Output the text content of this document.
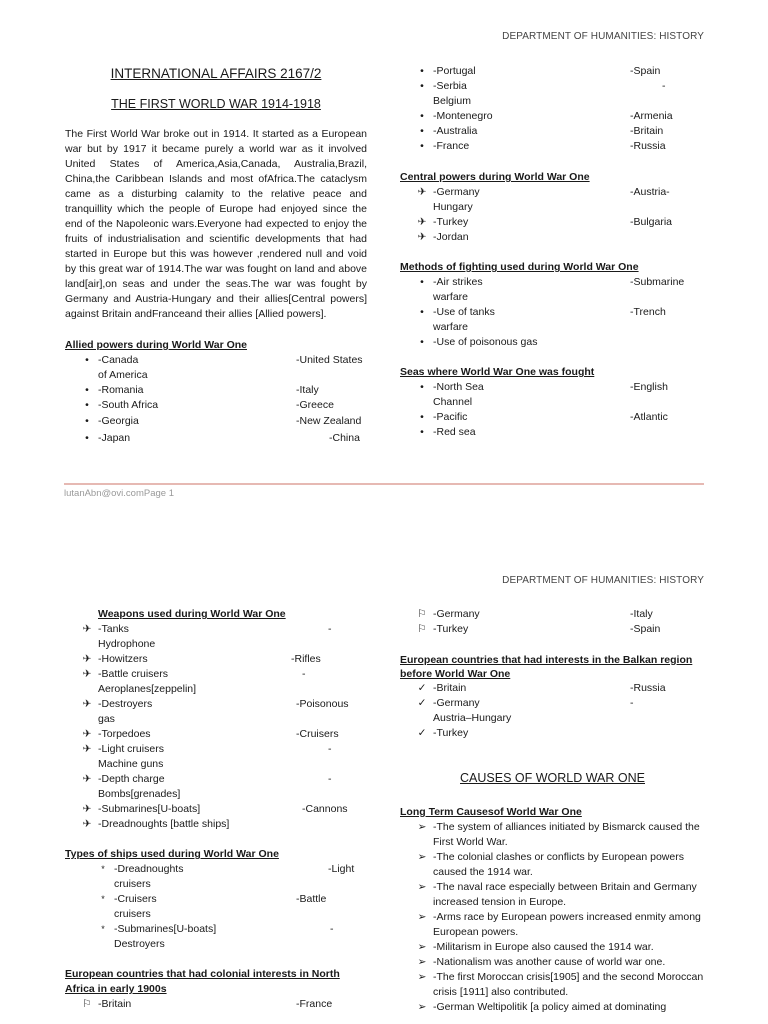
DEPARTMENT OF HUMANITIES: HISTORY
INTERNATIONAL AFFAIRS 2167/2
THE FIRST WORLD WAR 1914-1918
The First World War broke out in 1914. It started as a European war but by 1917 it became purely a world war as it involved United States of America,Asia,Canada, Australia,Brazil, China,the Caribbean Islands and most ofAfrica.The cataclysm came as a disturbing calamity to the relative peace and tranquillity which the people of Europe had enjoyed since the end of the Napoleonic wars.Everyone had expected to enjoy the fruits of industrialisation and scientific developments that had started in Europe but this was however ,rendered null and void by this great war of 1914.The war was fought on land and above land[air],on seas and under the seas.The war was fought by Germany and Austria-Hungary and their allies[Central powers] against Britain andFranceand their allies [Allied powers].
Allied powers during World War One
• -Canada	-United States
of America
• -Romania	-Italy
• -South Africa	-Greece
• -Georgia	-New Zealand
• -Japan	-China
• -Portugal	-Spain
• -Serbia	-
Belgium
• -Montenegro	-Armenia
• -Australia	-Britain
• -France	-Russia
Central powers during World War One
✈ -Germany	-Austria-
Hungary
✈ -Turkey	-Bulgaria
✈ -Jordan
Methods of fighting used during World War One
• -Air strikes	-Submarine
warfare
• -Use of tanks	-Trench
warfare
• -Use of poisonous gas
Seas where World War One was fought
• -North Sea	-English
Channel
• -Pacific	-Atlantic
• -Red sea
lutanAbn@ovi.comPage 1
DEPARTMENT OF HUMANITIES: HISTORY
Weapons used during World War One
✈ -Tanks	-
Hydrophone
✈ -Howitzers	-Rifles
✈ -Battle cruisers	-
Aeroplanes[zeppelin]
✈ -Destroyers	-Poisonous
gas
✈ -Torpedoes	-Cruisers
✈ -Light cruisers	-
Machine guns
✈ -Depth charge	-
Bombs[grenades]
✈ -Submarines[U-boats]	-Cannons
✈ -Dreadnoughts [battle ships]
Types of ships used during World War One
* -Dreadnoughts	-Light
cruisers
* -Cruisers	-Battle
cruisers
* -Submarines[U-boats]	-
Destroyers
European countries that had colonial interests in North Africa in early 1900s
⚐ -Britain	-France
⚐ -Germany	-Italy
⚐ -Turkey	-Spain
European countries that had interests in the Balkan region before World War One
✓ -Britain	-Russia
✓ -Germany	-
Austria–Hungary
✓ -Turkey
CAUSES OF WORLD WAR ONE
Long Term Causesof World War One
➢ -The system of alliances initiated by Bismarck caused the First World War.
➢ -The colonial clashes or conflicts by European powers caused the 1914 war.
➢ -The naval race especially between Britain and Germany increased tension in Europe.
➢ -Arms race by European powers increased enmity among European powers.
➢ -Militarism in Europe also caused the 1914 war.
➢ -Nationalism was another cause of world war one.
➢ -The first Moroccan crisis[1905] and the second Moroccan crisis [1911] also contributed.
➢ -German Weltipolitik [a policy aimed at dominating
